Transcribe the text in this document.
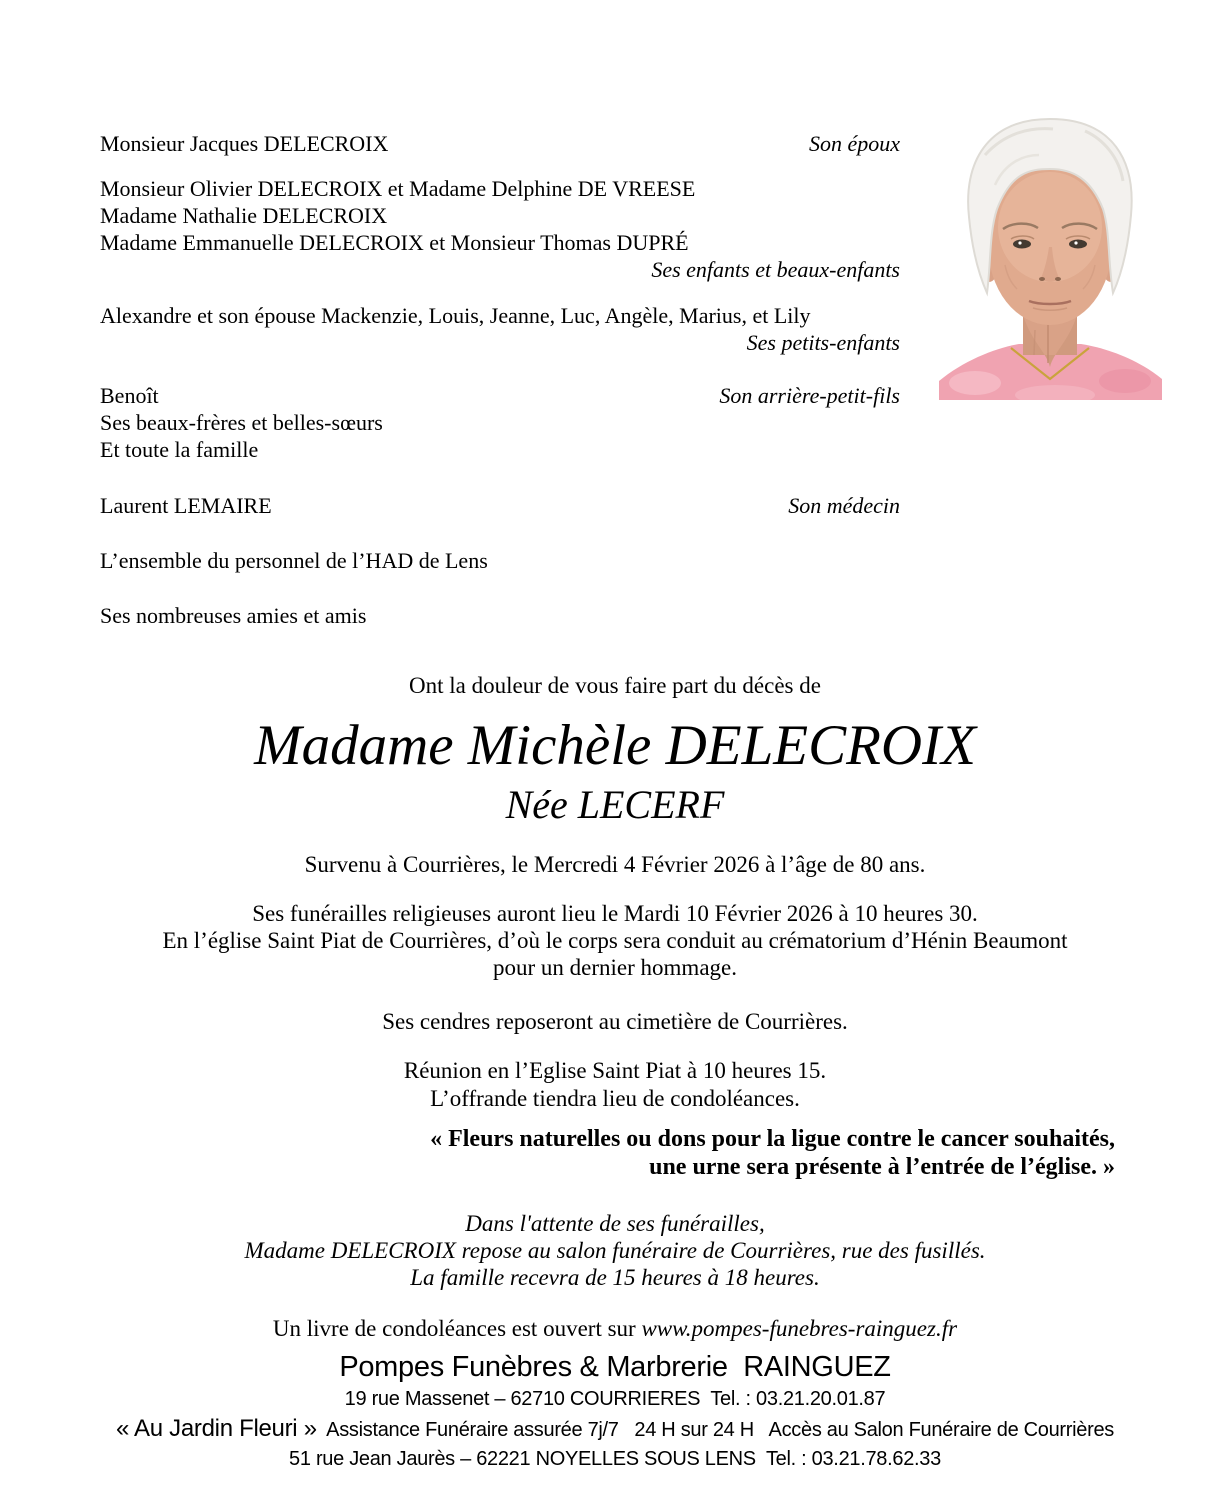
Monsieur Jacques DELECROIX	Son époux
Monsieur Olivier DELECROIX et Madame Delphine DE VREESE
Madame Nathalie DELECROIX
Madame Emmanuelle DELECROIX et Monsieur Thomas DUPRÉ
Ses enfants et beaux-enfants
Alexandre et son épouse Mackenzie, Louis, Jeanne, Luc, Angèle, Marius, et Lily
Ses petits-enfants
Benoît	Son arrière-petit-fils
Ses beaux-frères et belles-sœurs
Et toute la famille
Laurent LEMAIRE	Son médecin
L’ensemble du personnel de l’HAD de Lens
Ses nombreuses amies et amis
Ont la douleur de vous faire part du décès de
Madame Michèle DELECROIX
Née LECERF
Survenu à Courrières, le Mercredi 4 Février 2026 à l’âge de 80 ans.
Ses funérailles religieuses auront lieu le Mardi 10 Février 2026 à 10 heures 30.
En l’église Saint Piat de Courrières, d’où le corps sera conduit au crématorium d’Hénin Beaumont
pour un dernier hommage.
Ses cendres reposeront au cimetière de Courrières.
Réunion en l’Eglise Saint Piat à 10 heures 15.
L’offrande tiendra lieu de condoléances.
« Fleurs naturelles ou dons pour la ligue contre le cancer souhaités,
une urne sera présente à l’entrée de l’église. »
Dans l'attente de ses funérailles,
Madame DELECROIX repose au salon funéraire de Courrières, rue des fusillés.
La famille recevra de 15 heures à 18 heures.
Un livre de condoléances est ouvert sur www.pompes-funebres-rainguez.fr
Pompes Funèbres & Marbrerie  RAINGUEZ
19 rue Massenet – 62710 COURRIERES  Tel. : 03.21.20.01.87
« Au Jardin Fleuri »  Assistance Funéraire assurée 7j/7   24 H sur 24 H   Accès au Salon Funéraire de Courrières
51 rue Jean Jaurès – 62221 NOYELLES SOUS LENS  Tel. : 03.21.78.62.33
